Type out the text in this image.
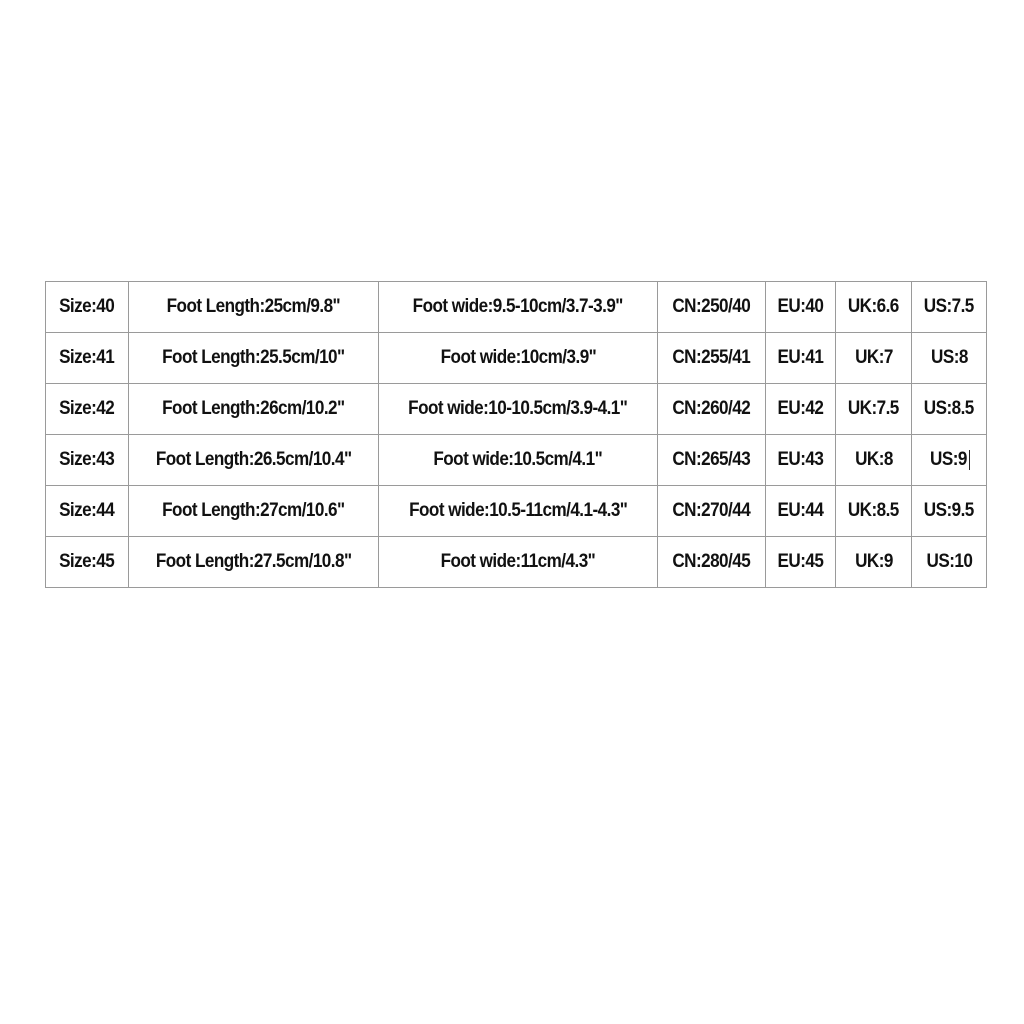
Size:40	Foot Length:25cm/9.8"	Foot wide:9.5-10cm/3.7-3.9"	CN:250/40	EU:40	UK:6.6	US:7.5
Size:41	Foot Length:25.5cm/10"	Foot wide:10cm/3.9"	CN:255/41	EU:41	UK:7	US:8
Size:42	Foot Length:26cm/10.2"	Foot wide:10-10.5cm/3.9-4.1"	CN:260/42	EU:42	UK:7.5	US:8.5
Size:43	Foot Length:26.5cm/10.4"	Foot wide:10.5cm/4.1"	CN:265/43	EU:43	UK:8	US:9
Size:44	Foot Length:27cm/10.6"	Foot wide:10.5-11cm/4.1-4.3"	CN:270/44	EU:44	UK:8.5	US:9.5
Size:45	Foot Length:27.5cm/10.8"	Foot wide:11cm/4.3"	CN:280/45	EU:45	UK:9	US:10
